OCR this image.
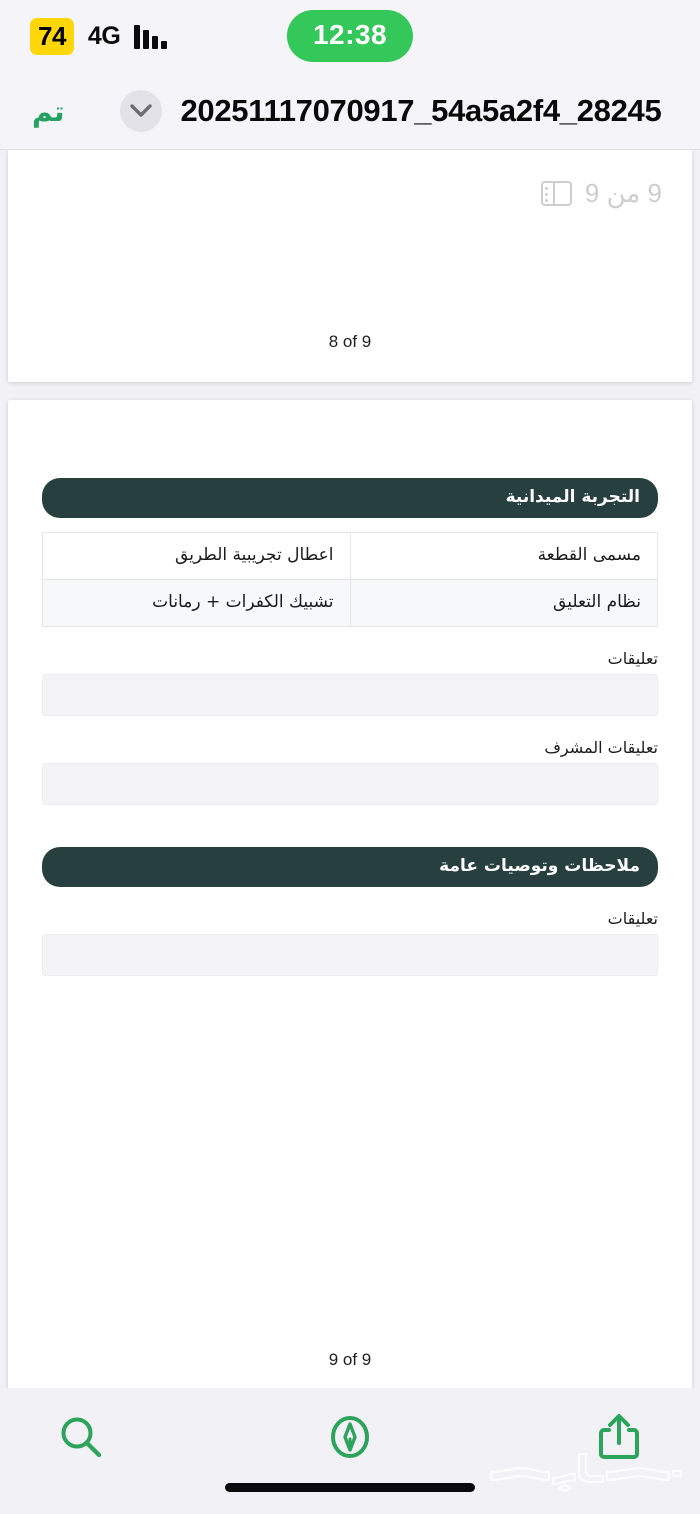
74 4G	12:38
تم	20251117070917_54a5a2f4_28245
9 من 9
8 of 9
التجربة الميدانية
مسمى القطعة	اعطال تجريبية الطريق
نظام التعليق	تشبيك الكفرات + رمانات
تعليقات
تعليقات المشرف
ملاحظات وتوصيات عامة
تعليقات
9 of 9
